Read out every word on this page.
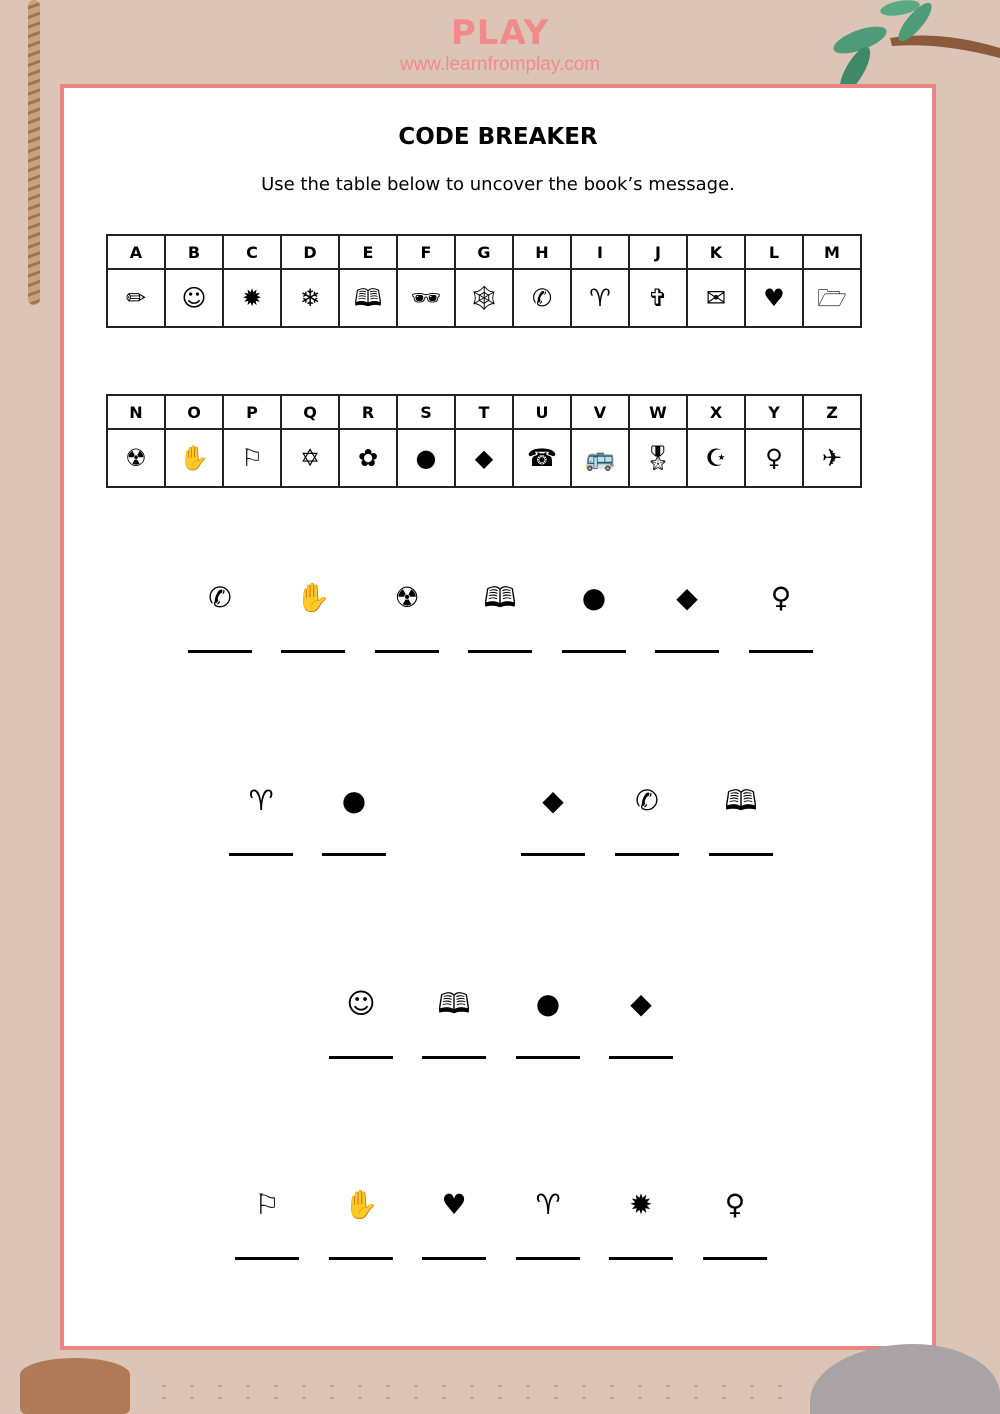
PLAY
www.learnfromplay.com
CODE BREAKER
Use the table below to uncover the book’s message.
A	B	C	D	E	F	G	H	I	J	K	L	M
✏	☺	✹	❄	🕮	🕶	🕸	✆	♈	✞	✉	♥	🗁
N	O	P	Q	R	S	T	U	V	W	X	Y	Z
☢	✋	⚐	✡	✿	●	◆	☎	🚌	🎖	☪	♀	✈
✆	✋	☢	🕮	●	◆	♀
♈	●	◆	✆	🕮
☺	🕮	●	◆
⚐	✋	♥	♈	✹	♀
